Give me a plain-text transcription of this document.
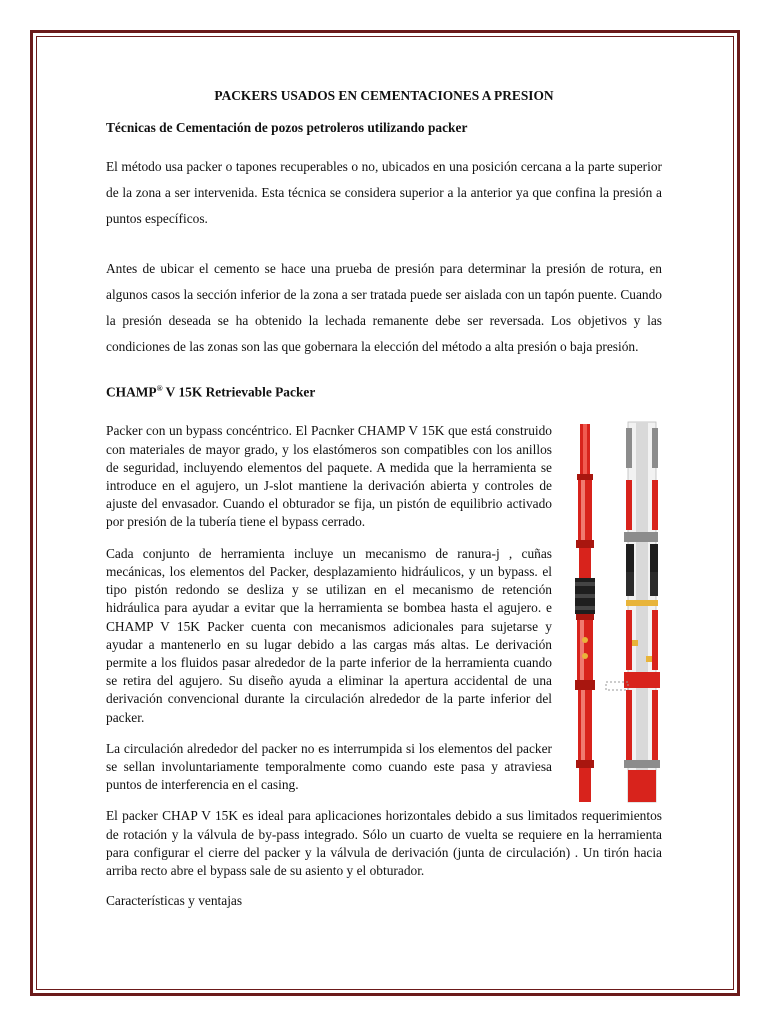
PACKERS USADOS EN CEMENTACIONES A PRESION
Técnicas de Cementación de pozos petroleros utilizando packer

El método usa packer o tapones recuperables o no, ubicados en una posición cercana a la parte superior de la zona a ser intervenida. Esta técnica se considera superior a la anterior ya que confina la presión a puntos específicos.

Antes de ubicar el cemento se hace una prueba de presión para determinar la presión de rotura, en algunos casos la sección inferior de la zona a ser tratada puede ser aislada con un tapón puente. Cuando la presión deseada se ha obtenido la lechada remanente debe ser reversada. Los objetivos y las condiciones de las zonas son las que gobernara la elección del método a alta presión o baja presión.

CHAMP® V 15K Retrievable Packer

Packer con un bypass concéntrico. El Pacnker CHAMP V 15K que está construido con materiales de mayor grado, y los elastómeros son compatibles con los anillos de seguridad, incluyendo elementos del paquete. A medida que la herramienta se introduce en el agujero, un J-slot mantiene la derivación abierta y controles de ajuste del envasador. Cuando el obturador se fija, un pistón de equilibrio activado por presión de la tubería tiene el bypass cerrado.

Cada conjunto de herramienta incluye un mecanismo de ranura-j , cuñas mecánicas, los elementos del Packer, desplazamiento hidráulicos, y un bypass. el tipo pistón redondo se desliza y se utilizan en el mecanismo de retención hidráulica para ayudar a evitar que la herramienta se bombea hasta el agujero. e CHAMP V 15K Packer cuenta con mecanismos adicionales para sujetarse y ayudar a mantenerlo en su lugar debido a las cargas más altas. Le derivación permite a los fluidos pasar alrededor de la parte inferior de la herramienta cuando se retira del agujero. Su diseño ayuda a eliminar la apertura accidental de una derivación convencional durante la circulación alrededor de la parte inferior del packer.

La circulación alrededor del packer no es interrumpida si los elementos del packer se sellan involuntariamente temporalmente como cuando este pasa y atraviesa puntos de interferencia en el casing.

El packer CHAP V 15K es ideal para aplicaciones horizontales debido a sus limitados requerimientos de rotación y la válvula de by-pass integrado. Sólo un cuarto de vuelta se requiere en la herramienta para configurar el cierre del packer y la válvula de derivación (junta de circulación) . Un tirón hacia arriba recto abre el bypass sale de su asiento y el obturador.

Características y ventajas
